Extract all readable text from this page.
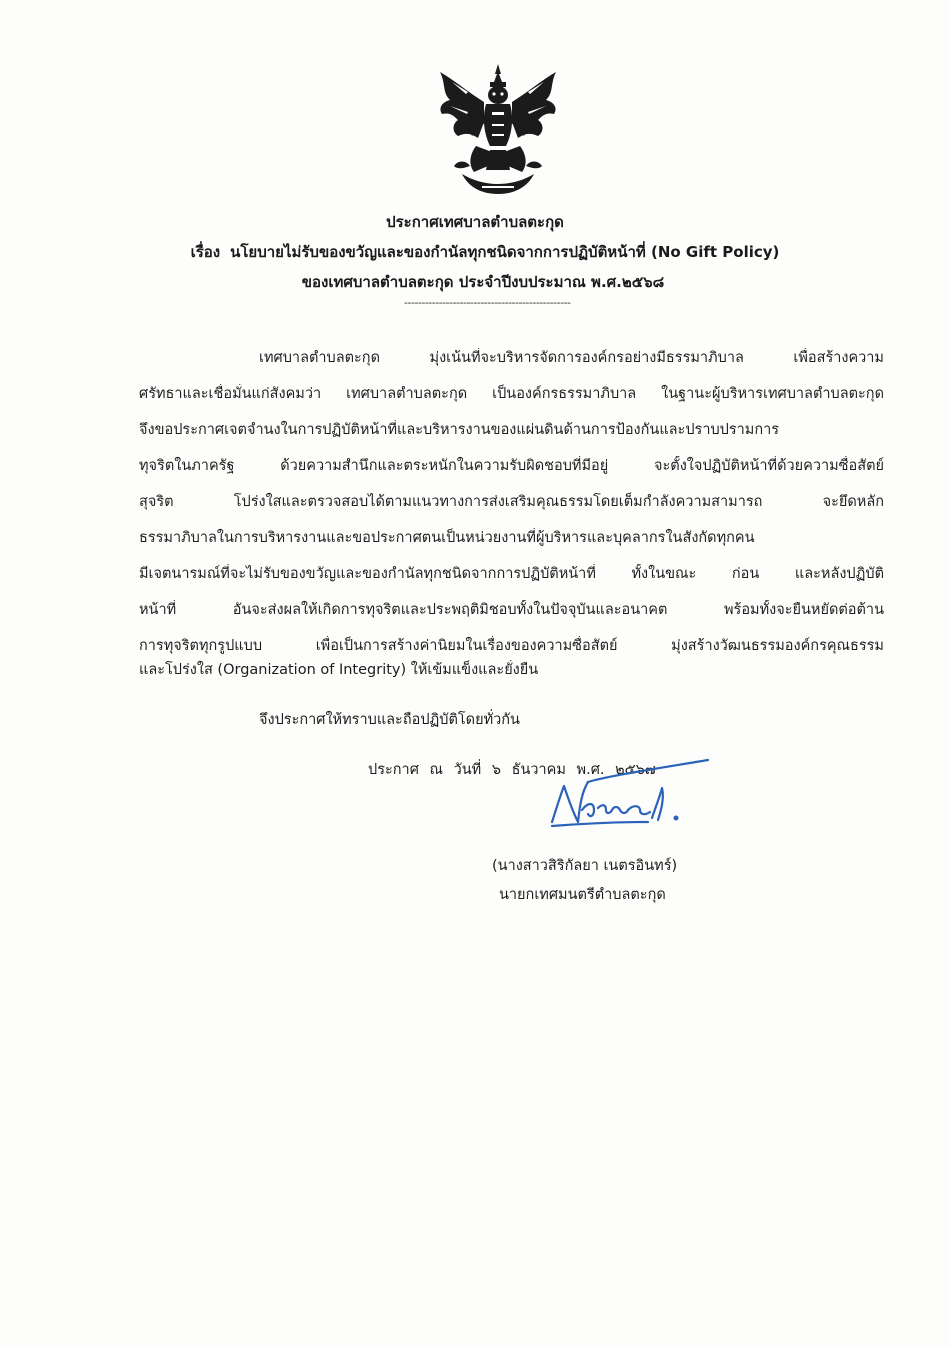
ประกาศเทศบาลตำบลตะกุด
เรื่อง นโยบายไม่รับของขวัญและของกำนัลทุกชนิดจากการปฏิบัติหน้าที่ (No Gift Policy)
ของเทศบาลตำบลตะกุด ประจำปีงบประมาณ พ.ศ.๒๕๖๘
------------------------------------------------
เทศบาลตำบลตะกุด มุ่งเน้นที่จะบริหารจัดการองค์กรอย่างมีธรรมาภิบาล เพื่อสร้างความ
ศรัทธาและเชื่อมั่นแก่สังคมว่า เทศบาลตำบลตะกุด เป็นองค์กรธรรมาภิบาล ในฐานะผู้บริหารเทศบาลตำบลตะกุด
จึงขอประกาศเจตจำนงในการปฏิบัติหน้าที่และบริหารงานของแผ่นดินด้านการป้องกันและปราบปรามการ
ทุจริตในภาครัฐ ด้วยความสำนึกและตระหนักในความรับผิดชอบที่มีอยู่ จะตั้งใจปฏิบัติหน้าที่ด้วยความซื่อสัตย์
สุจริต โปร่งใสและตรวจสอบได้ตามแนวทางการส่งเสริมคุณธรรมโดยเต็มกำลังความสามารถ จะยึดหลัก
ธรรมาภิบาลในการบริหารงานและขอประกาศตนเป็นหน่วยงานที่ผู้บริหารและบุคลากรในสังกัดทุกคน
มีเจตนารมณ์ที่จะไม่รับของขวัญและของกำนัลทุกชนิดจากการปฏิบัติหน้าที่ ทั้งในขณะ ก่อน และหลังปฏิบัติ
หน้าที่ อันจะส่งผลให้เกิดการทุจริตและประพฤติมิชอบทั้งในปัจจุบันและอนาคต พร้อมทั้งจะยืนหยัดต่อต้าน
การทุจริตทุกรูปแบบ เพื่อเป็นการสร้างค่านิยมในเรื่องของความซื่อสัตย์ มุ่งสร้างวัฒนธรรมองค์กรคุณธรรม
และโปร่งใส (Organization of Integrity) ให้เข้มแข็งและยั่งยืน
จึงประกาศให้ทราบและถือปฏิบัติโดยทั่วกัน
ประกาศ ณ วันที่ ๖ ธันวาคม พ.ศ. ๒๕๖๗
(นางสาวสิริกัลยา เนตรอินทร์)
นายกเทศมนตรีตำบลตะกุด
